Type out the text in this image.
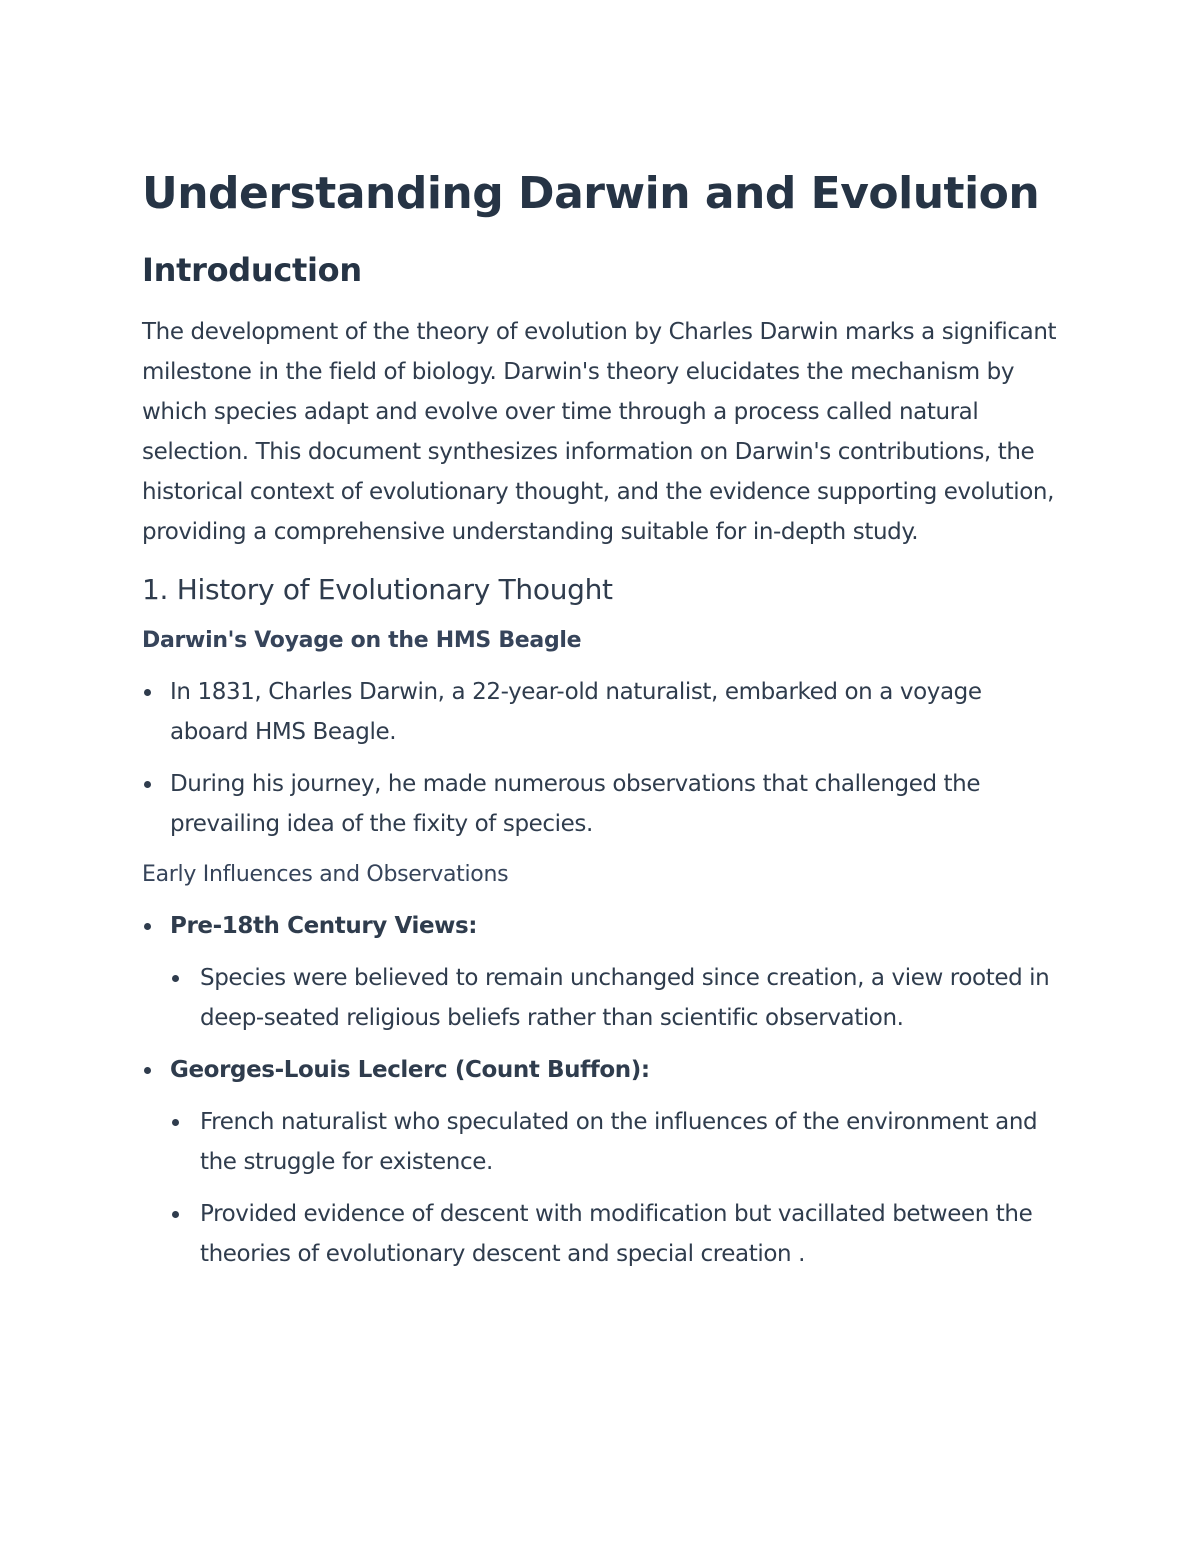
Understanding Darwin and Evolution
Introduction

The development of the theory of evolution by Charles Darwin marks a significant milestone in the field of biology. Darwin's theory elucidates the mechanism by which species adapt and evolve over time through a process called natural selection. This document synthesizes information on Darwin's contributions, the historical context of evolutionary thought, and the evidence supporting evolution, providing a comprehensive understanding suitable for in-depth study.

1. History of Evolutionary Thought
Darwin's Voyage on the HMS Beagle
In 1831, Charles Darwin, a 22-year-old naturalist, embarked on a voyage aboard HMS Beagle.
During his journey, he made numerous observations that challenged the prevailing idea of the fixity of species.
Early Influences and Observations
Pre-18th Century Views:
Species were believed to remain unchanged since creation, a view rooted in deep-seated religious beliefs rather than scientific observation.
Georges-Louis Leclerc (Count Buffon):
French naturalist who speculated on the influences of the environment and the struggle for existence.
Provided evidence of descent with modification but vacillated between the theories of evolutionary descent and special creation .
